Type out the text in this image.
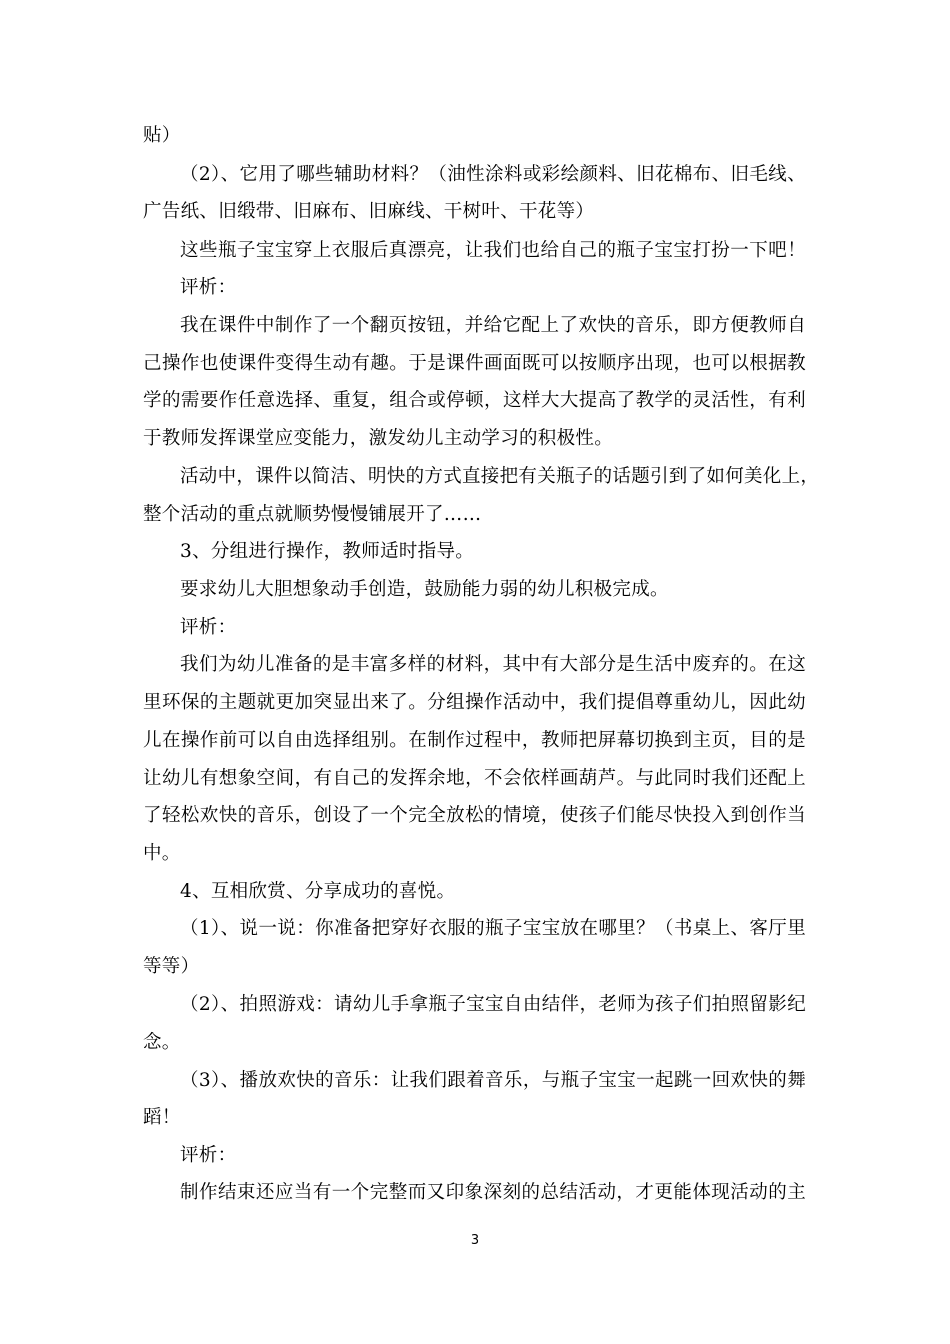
贴）
（2）、它用了哪些辅助材料？（油性涂料或彩绘颜料、旧花棉布、旧毛线、
广告纸、旧缎带、旧麻布、旧麻线、干树叶、干花等）
这些瓶子宝宝穿上衣服后真漂亮，让我们也给自己的瓶子宝宝打扮一下吧！
评析：
我在课件中制作了一个翻页按钮，并给它配上了欢快的音乐，即方便教师自
己操作也使课件变得生动有趣。于是课件画面既可以按顺序出现，也可以根据教
学的需要作任意选择、重复，组合或停顿，这样大大提高了教学的灵活性，有利
于教师发挥课堂应变能力，激发幼儿主动学习的积极性。
活动中，课件以简洁、明快的方式直接把有关瓶子的话题引到了如何美化上，
整个活动的重点就顺势慢慢铺展开了……
3、分组进行操作，教师适时指导。
要求幼儿大胆想象动手创造，鼓励能力弱的幼儿积极完成。
评析：
我们为幼儿准备的是丰富多样的材料，其中有大部分是生活中废弃的。在这
里环保的主题就更加突显出来了。分组操作活动中，我们提倡尊重幼儿，因此幼
儿在操作前可以自由选择组别。在制作过程中，教师把屏幕切换到主页，目的是
让幼儿有想象空间，有自己的发挥余地，不会依样画葫芦。与此同时我们还配上
了轻松欢快的音乐，创设了一个完全放松的情境，使孩子们能尽快投入到创作当
中。
4、互相欣赏、分享成功的喜悦。
（1）、说一说：你准备把穿好衣服的瓶子宝宝放在哪里？（书桌上、客厅里
等等）
（2）、拍照游戏：请幼儿手拿瓶子宝宝自由结伴，老师为孩子们拍照留影纪
念。
（3）、播放欢快的音乐：让我们跟着音乐，与瓶子宝宝一起跳一回欢快的舞
蹈！
评析：
制作结束还应当有一个完整而又印象深刻的总结活动，才更能体现活动的主
3
